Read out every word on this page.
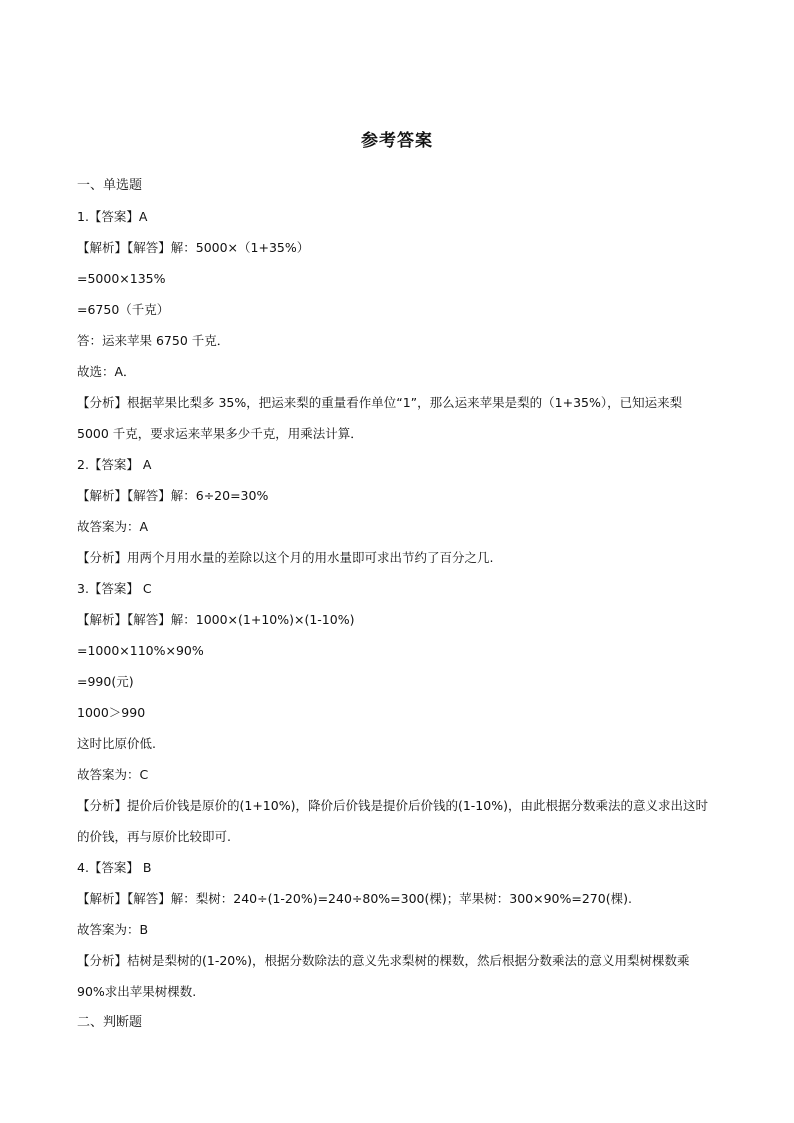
参考答案
一、单选题
1.【答案】A
【解析】【解答】解：5000×（1+35%）
=5000×135%
=6750（千克）
答：运来苹果 6750 千克．
故选：A．
【分析】根据苹果比梨多 35%，把运来梨的重量看作单位“1”，那么运来苹果是梨的（1+35%），已知运来梨 5000 千克，要求运来苹果多少千克，用乘法计算．
2.【答案】 A
【解析】【解答】解：6÷20=30%
故答案为：A
【分析】用两个月用水量的差除以这个月的用水量即可求出节约了百分之几.
3.【答案】 C
【解析】【解答】解：1000×(1+10%)×(1-10%)
=1000×110%×90%
=990(元)
1000＞990
这时比原价低.
故答案为：C
【分析】提价后价钱是原价的(1+10%)，降价后价钱是提价后价钱的(1-10%)，由此根据分数乘法的意义求出这时的价钱，再与原价比较即可.
4.【答案】 B
【解析】【解答】解：梨树：240÷(1-20%)=240÷80%=300(棵)；苹果树：300×90%=270(棵).
故答案为：B
【分析】桔树是梨树的(1-20%)，根据分数除法的意义先求梨树的棵数，然后根据分数乘法的意义用梨树棵数乘 90%求出苹果树棵数.
二、判断题
